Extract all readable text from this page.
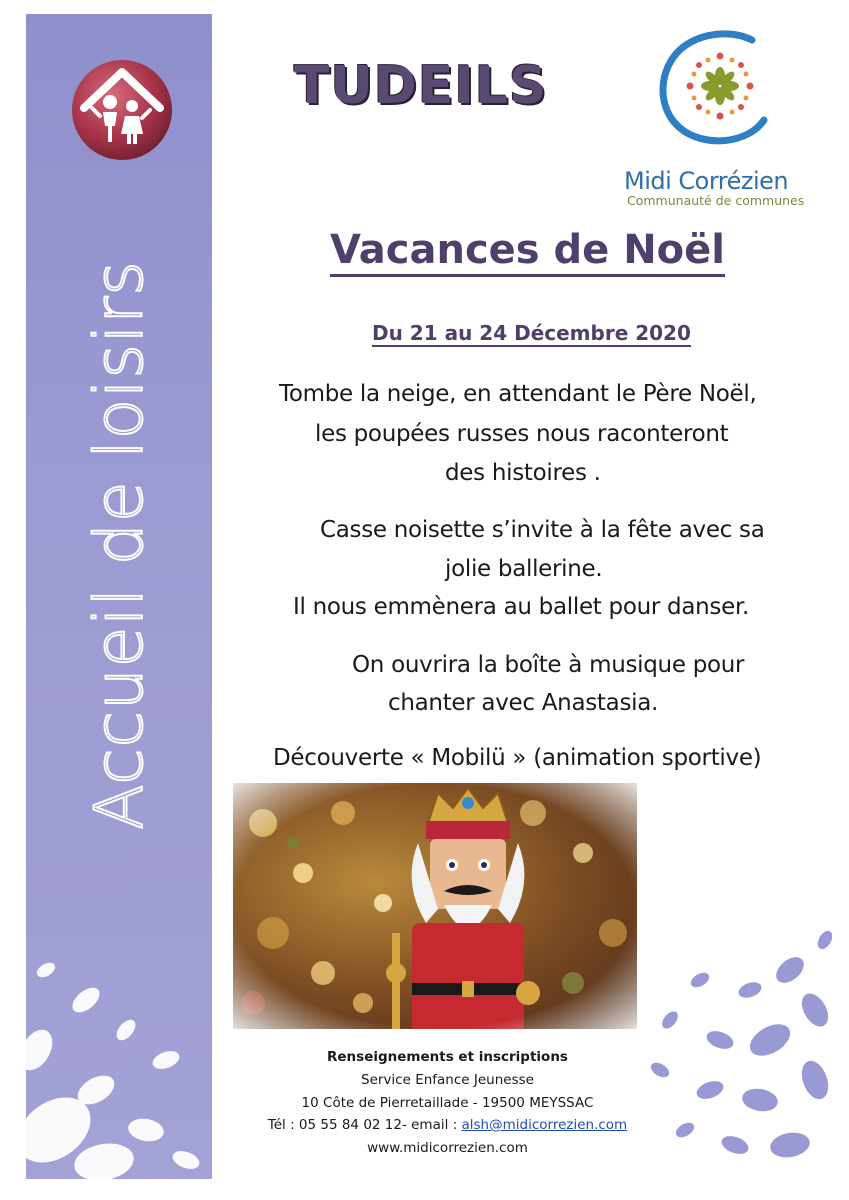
Accueil de loisirs
TUDEILS
Midi Corrézien
Communauté de communes
Vacances de Noël
Du 21 au 24 Décembre 2020
Tombe la neige, en attendant le Père Noël,
les poupées russes nous raconteront
des histoires .
Casse noisette s’invite à la fête avec sa
jolie ballerine.
Il nous emmènera au ballet pour danser.
On ouvrira la boîte à musique pour
chanter avec Anastasia.
Découverte « Mobilü » (animation sportive)
Renseignements et inscriptions
Service Enfance Jeunesse
10 Côte de Pierretaillade - 19500 MEYSSAC
Tél : 05 55 84 02 12- email : alsh@midicorrezien.com
www.midicorrezien.com
